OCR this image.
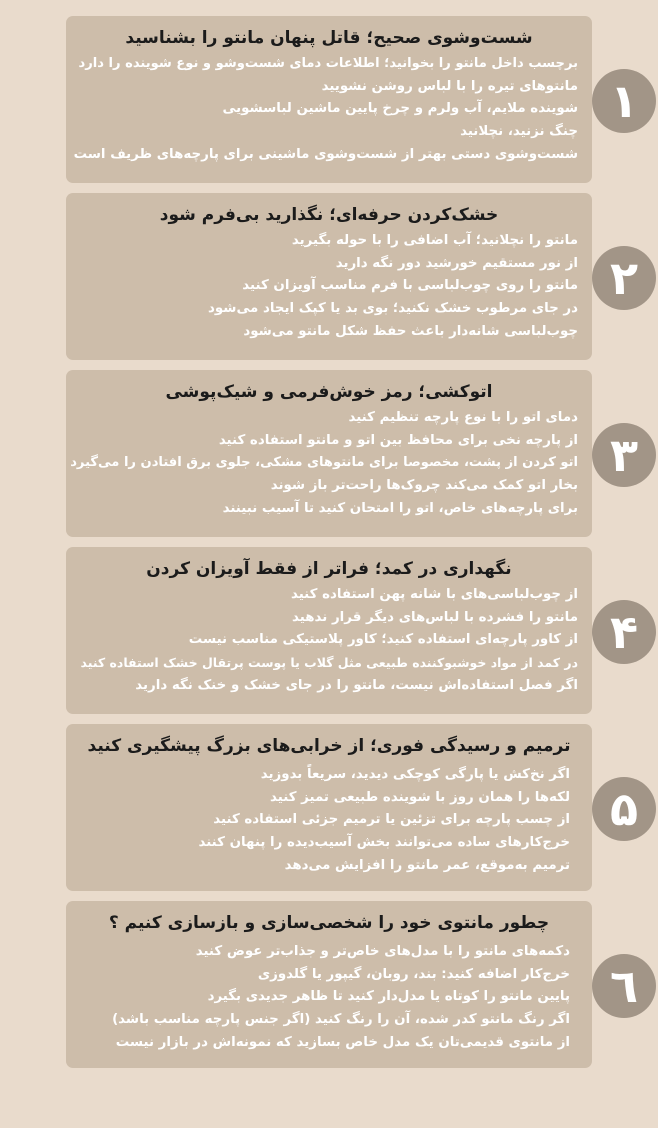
شست‌وشوی صحیح؛ قاتل پنهان مانتو را بشناسید
برچسب داخل مانتو را بخوانید؛ اطلاعات دمای شست‌وشو و نوع شوینده را دارد
مانتوهای تیره را با لباس روشن نشویید
شوینده ملایم، آب ولرم و چرخ پایین ماشین لباسشویی
چنگ نزنید، نچلانید
شست‌وشوی دستی بهتر از شست‌وشوی ماشینی برای پارچه‌های ظریف است
۱
خشک‌کردن حرفه‌ای؛ نگذارید بی‌فرم شود
مانتو را نچلانید؛ آب اضافی را با حوله بگیرید
از نور مستقیم خورشید دور نگه دارید
مانتو را روی چوب‌لباسی با فرم مناسب آویزان کنید
در جای مرطوب خشک نکنید؛ بوی بد یا کپک ایجاد می‌شود
چوب‌لباسی شانه‌دار باعث حفظ شکل مانتو می‌شود
۲
اتوکشی؛ رمز خوش‌فرمی و شیک‌پوشی
دمای اتو را با نوع پارچه تنظیم کنید
از پارچه نخی برای محافظ بین اتو و مانتو استفاده کنید
اتو کردن از پشت، مخصوصا برای مانتوهای مشکی، جلوی برق افتادن را می‌گیرد
بخار اتو کمک می‌کند چروک‌ها راحت‌تر باز شوند
برای پارچه‌های خاص، اتو را امتحان کنید تا آسیب نبینند
۳
نگهداری در کمد؛ فراتر از فقط آویزان کردن
از چوب‌لباسی‌های با شانه پهن استفاده کنید
مانتو را فشرده با لباس‌های دیگر قرار ندهید
از کاور پارچه‌ای استفاده کنید؛ کاور پلاستیکی مناسب نیست
در کمد از مواد خوشبوکننده طبیعی مثل گلاب یا پوست پرتقال خشک استفاده کنید
اگر فصل استفاده‌اش نیست، مانتو را در جای خشک و خنک نگه دارید
۴
ترمیم و رسیدگی فوری؛ از خرابی‌های بزرگ پیشگیری کنید
اگر نخ‌کش یا پارگی کوچکی دیدید، سریعاً بدوزید
لکه‌ها را همان روز با شوینده طبیعی تمیز کنید
از چسب پارچه برای تزئین یا ترمیم جزئی استفاده کنید
خرج‌کارهای ساده می‌توانند بخش آسیب‌دیده را پنهان کنند
ترمیم به‌موقع، عمر مانتو را افزایش می‌دهد
۵
چطور مانتوی خود را شخصی‌سازی و بازسازی کنیم ؟
دکمه‌های مانتو را با مدل‌های خاص‌تر و جذاب‌تر عوض کنید
خرج‌کار اضافه کنید: بند، روبان، گیپور یا گلدوزی
پایین مانتو را کوتاه یا مدل‌دار کنید تا ظاهر جدیدی بگیرد
اگر رنگ مانتو کدر شده، آن را رنگ کنید (اگر جنس پارچه مناسب باشد)
از مانتوی قدیمی‌تان یک مدل خاص بسازید که نمونه‌اش در بازار نیست
٦
